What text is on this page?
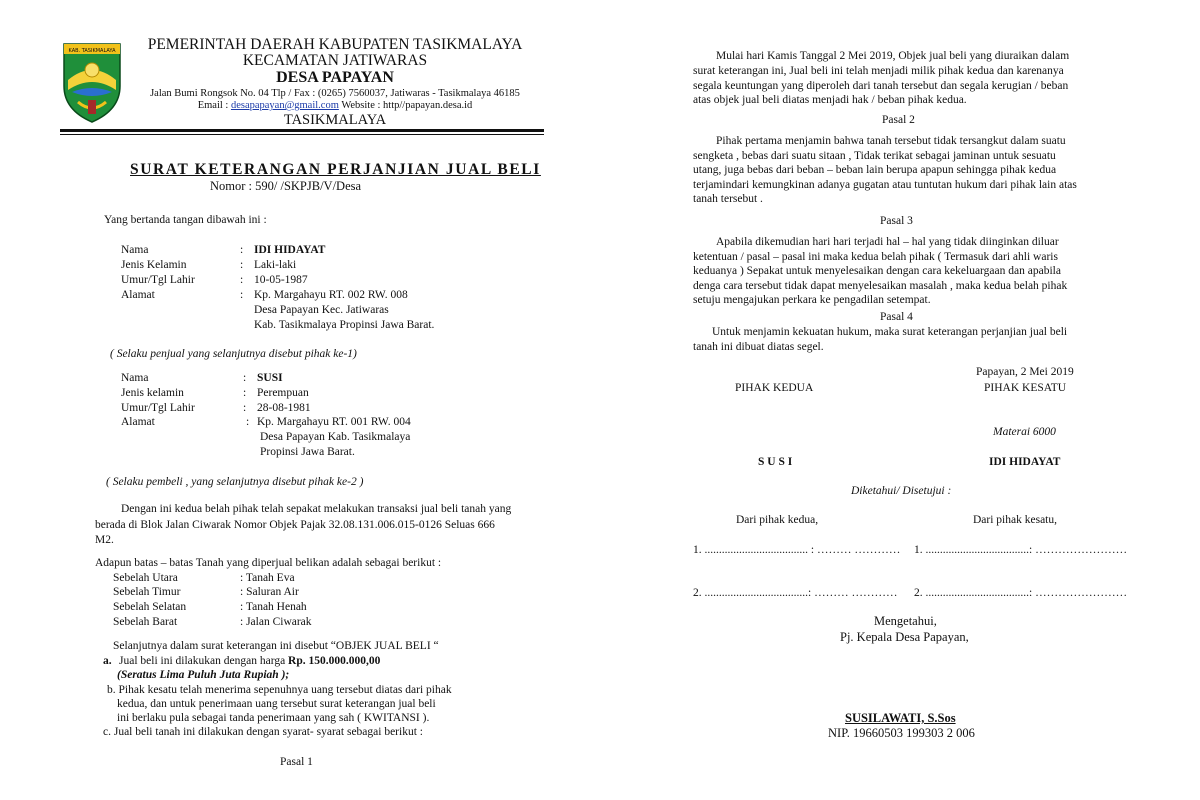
KAB. TASIKMALAYA	PEMERINTAH DAERAH KABUPATEN TASIKMALAYA
KECAMATAN JATIWARAS
DESA PAPAYAN
Jalan Bumi Rongsok No. 04 Tlp / Fax : (0265) 7560037, Jatiwaras - Tasikmalaya 46185
Email : desapapayan@gmail.com Website : http//papayan.desa.id
TASIKMALAYA
SURAT KETERANGAN PERJANJIAN JUAL BELI
Nomor : 590/ /SKPJB/V/Desa
Yang bertanda tangan dibawah ini :
Nama	: IDI HIDAYAT
Jenis Kelamin	: Laki-laki
Umur/Tgl Lahir	: 10-05-1987
Alamat	: Kp. Margahayu RT. 002 RW. 008
Desa Papayan Kec. Jatiwaras
Kab. Tasikmalaya Propinsi Jawa Barat.
( Selaku penjual yang selanjutnya disebut pihak ke-1)
Nama	: SUSI
Jenis kelamin	: Perempuan
Umur/Tgl Lahir	: 28-08-1981
Alamat	: Kp. Margahayu RT. 001 RW. 004
Desa Papayan Kab. Tasikmalaya
Propinsi Jawa Barat.
( Selaku pembeli , yang selanjutnya disebut pihak ke-2 )
Dengan ini kedua belah pihak telah sepakat melakukan transaksi jual beli tanah yang
berada di Blok Jalan Ciwarak Nomor Objek Pajak 32.08.131.006.015-0126 Seluas 666
M2.
Adapun batas – batas Tanah yang diperjual belikan adalah sebagai berikut :
Sebelah Utara	: Tanah Eva
Sebelah Timur	: Saluran Air
Sebelah Selatan	: Tanah Henah
Sebelah Barat	: Jalan Ciwarak
Selanjutnya dalam surat keterangan ini disebut “OBJEK JUAL BELI “
a. Jual beli ini dilakukan dengan harga Rp. 150.000.000,00
(Seratus Lima Puluh Juta Rupiah );
b. Pihak kesatu telah menerima sepenuhnya uang tersebut diatas dari pihak
kedua, dan untuk penerimaan uang tersebut surat keterangan jual beli
ini berlaku pula sebagai tanda penerimaan yang sah ( KWITANSI ).
c. Jual beli tanah ini dilakukan dengan syarat- syarat sebagai berikut :
Pasal 1
Mulai hari Kamis Tanggal 2 Mei 2019, Objek jual beli yang diuraikan dalam
surat keterangan ini, Jual beli ini telah menjadi milik pihak kedua dan karenanya
segala keuntungan yang diperoleh dari tanah tersebut dan segala kerugian / beban
atas objek jual beli diatas menjadi hak / beban pihak kedua.
Pasal 2
Pihak pertama menjamin bahwa tanah tersebut tidak tersangkut dalam suatu
sengketa , bebas dari suatu sitaan , Tidak terikat sebagai jaminan untuk sesuatu
utang, juga bebas dari beban – beban lain berupa apapun sehingga pihak kedua
terjamindari kemungkinan adanya gugatan atau tuntutan hukum dari pihak lain atas
tanah tersebut .
Pasal 3
Apabila dikemudian hari hari terjadi hal – hal yang tidak diinginkan diluar
ketentuan / pasal – pasal ini maka kedua belah pihak ( Termasuk dari ahli waris
keduanya ) Sepakat untuk menyelesaikan dengan cara kekeluargaan dan apabila
denga cara tersebut tidak dapat menyelesaikan masalah , maka kedua belah pihak
setuju mengajukan perkara ke pengadilan setempat.
Pasal 4
Untuk menjamin kekuatan hukum, maka surat keterangan perjanjian jual beli
tanah ini dibuat diatas segel.
Papayan, 2 Mei 2019
PIHAK KEDUA	PIHAK KESATU
Materai 6000
S U S I	IDI HIDAYAT
Diketahui/ Disetujui :
Dari pihak kedua,	Dari pihak kesatu,
1. .................................... : ……… ………… 1. ....................................: ……………………
2. ....................................: ……… ………… 2. ....................................: ……………………
Mengetahui,
Pj. Kepala Desa Papayan,
SUSILAWATI, S.Sos
NIP. 19660503 199303 2 006
